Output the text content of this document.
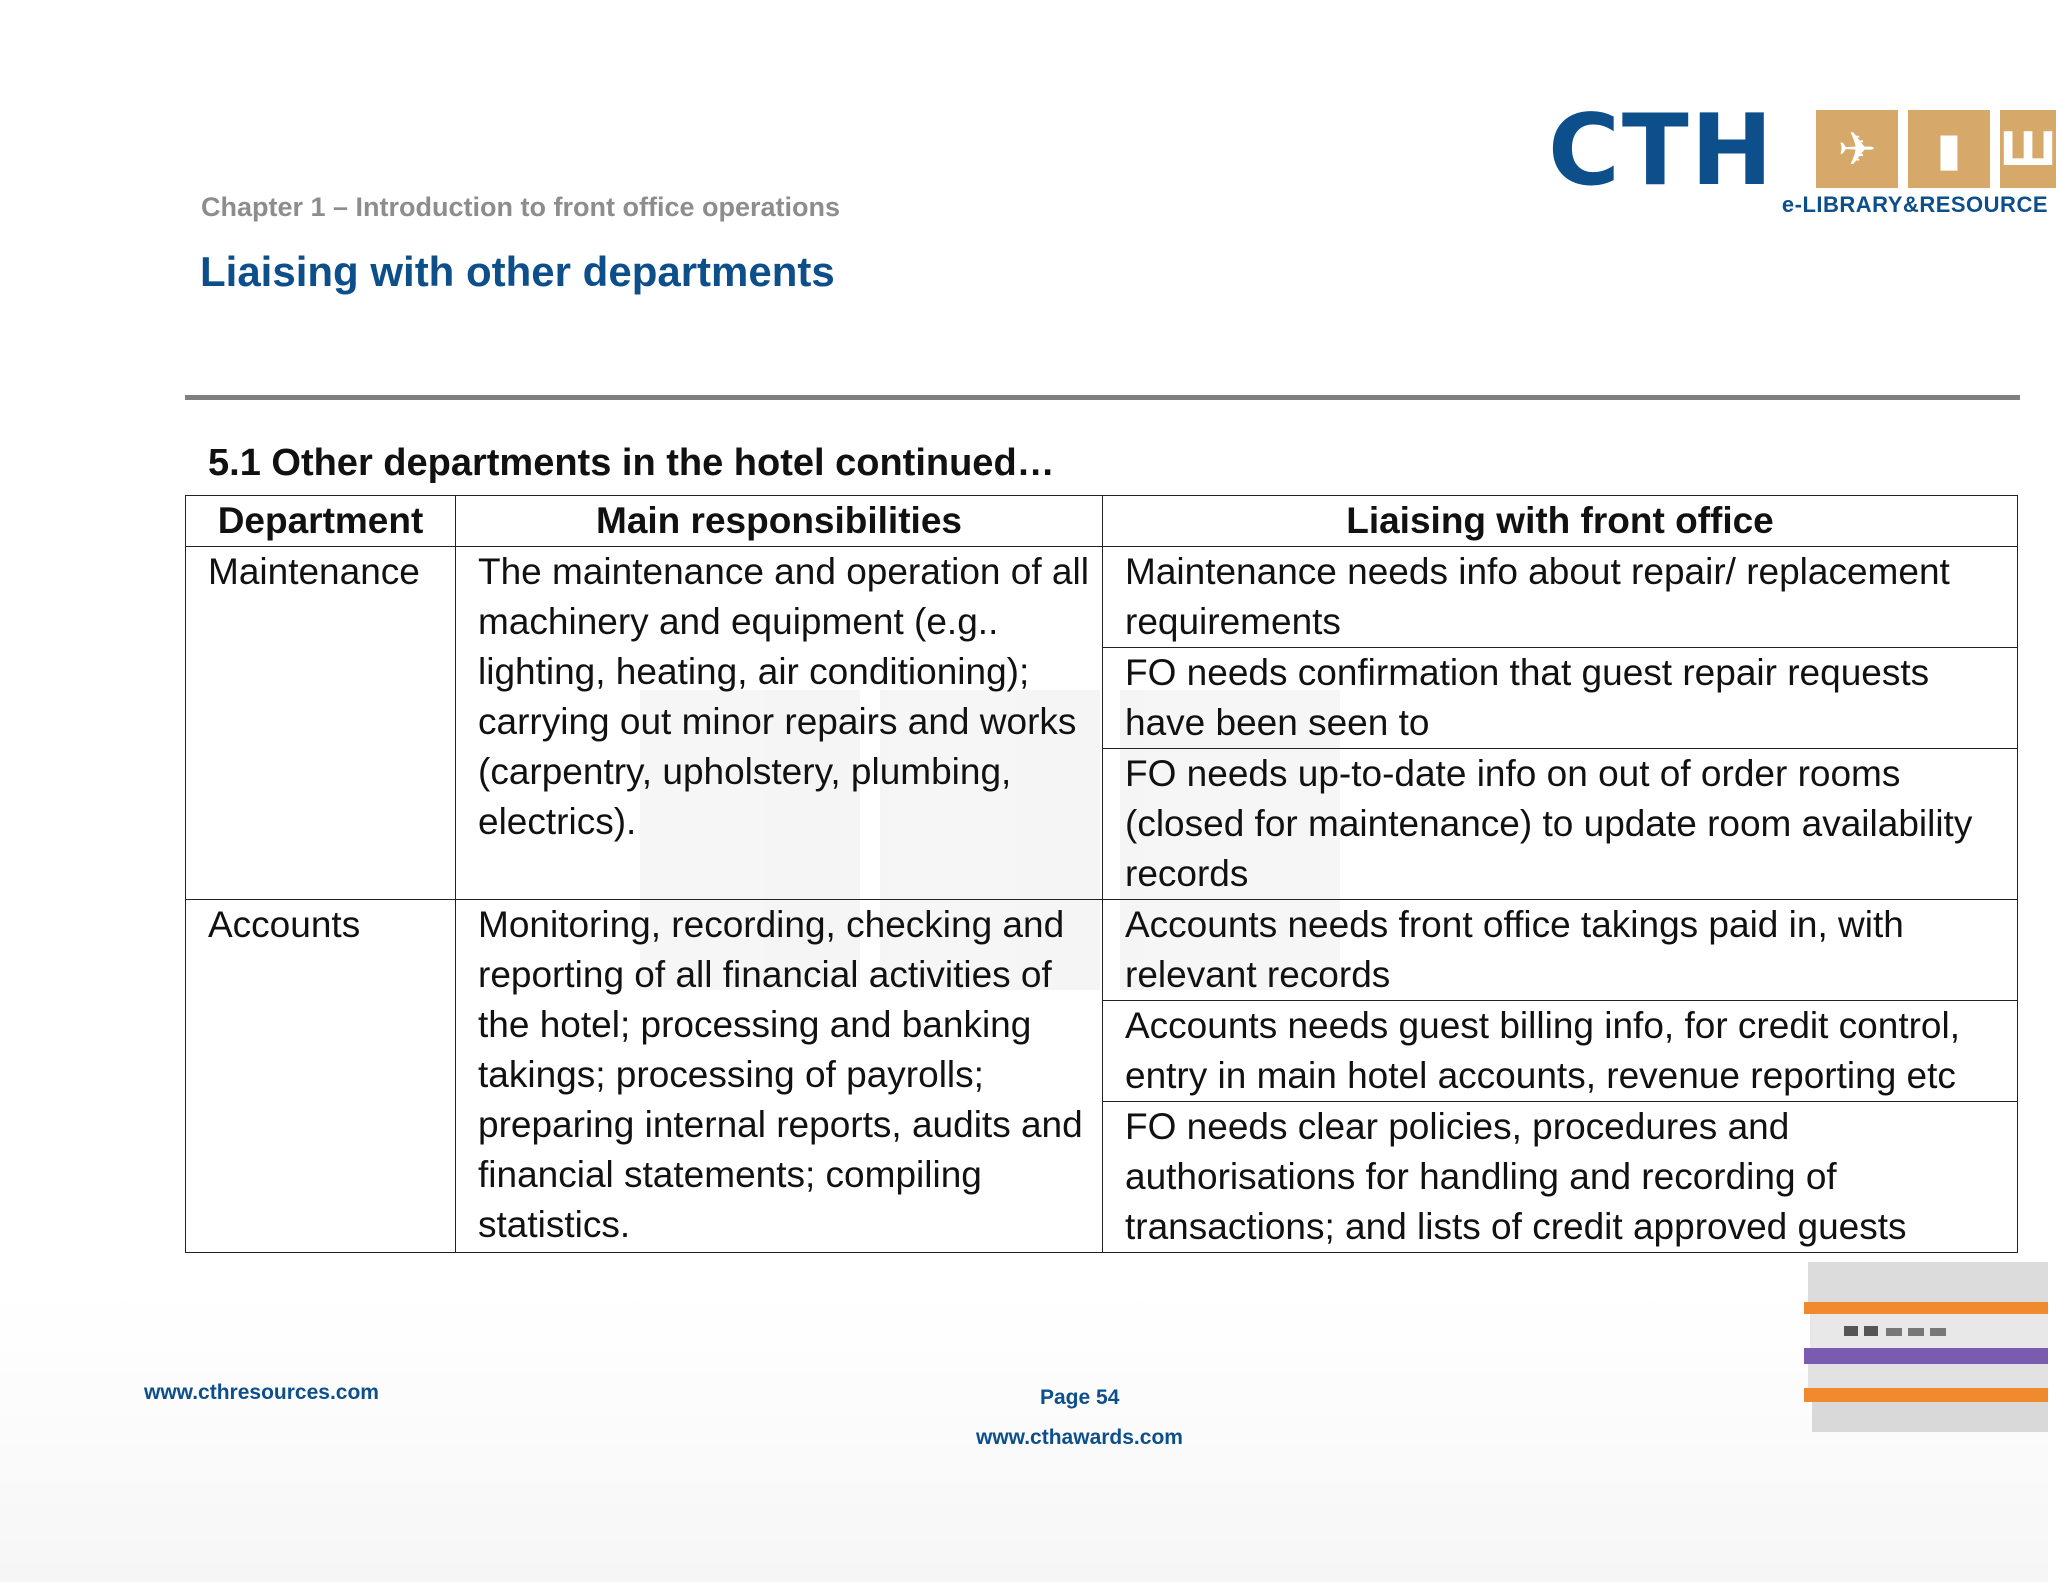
CTH	✈	▮ Ш
e-LIBRARY&RESOURCE
Chapter 1 – Introduction to front office operations
Liaising with other departments
5.1 Other departments in the hotel continued…
Department	Main responsibilities	Liaising with front office
Maintenance	The maintenance and operation of all machinery and equipment (e.g.. lighting, heating, air conditioning); carrying out minor repairs and works (carpentry, upholstery, plumbing, electrics).	Maintenance needs info about repair/ replacement requirements
		FO needs confirmation that guest repair requests have been seen to
		FO needs up-to-date info on out of order rooms (closed for maintenance) to update room availability records
Accounts	Monitoring, recording, checking and reporting of all financial activities of the hotel; processing and banking takings; processing of payrolls; preparing internal reports, audits and financial statements; compiling statistics.	Accounts needs front office takings paid in, with relevant records
		Accounts needs guest billing info, for credit control, entry in main hotel accounts, revenue reporting etc
		FO needs clear policies, procedures and authorisations for handling and recording of transactions; and lists of credit approved guests
www.cthresources.com	Page 54
www.cthawards.com
